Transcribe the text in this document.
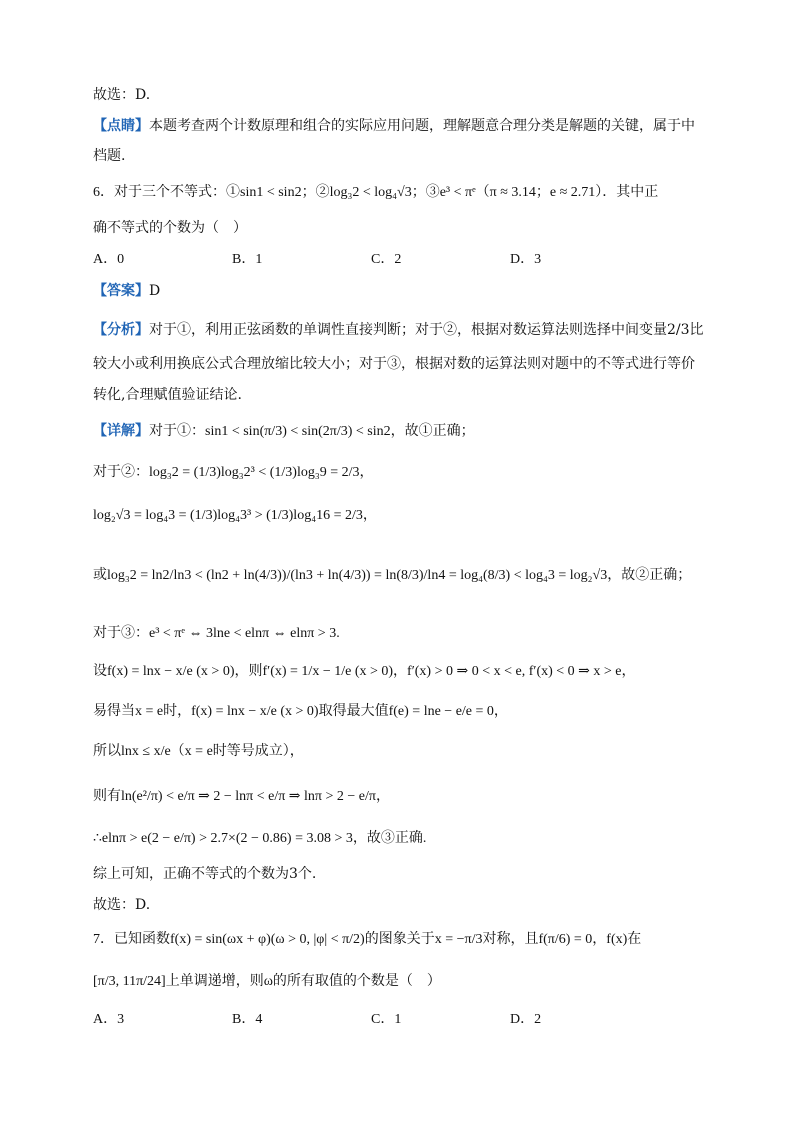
故选：D.
【点睛】本题考查两个计数原理和组合的实际应用问题，理解题意合理分类是解题的关键，属于中
档题.
6．对于三个不等式：①sin1 < sin2；②log₃2 < log₄√3；③e³ < πᵉ（π ≈ 3.14；e ≈ 2.71）．其中正
确不等式的个数为（　）
A．0	B．1	C．2	D．3
【答案】D
【分析】对于①，利用正弦函数的单调性直接判断；对于②，根据对数运算法则选择中间变量2/3比
较大小或利用换底公式合理放缩比较大小；对于③，根据对数的运算法则对题中的不等式进行等价
转化,合理赋值验证结论.
【详解】对于①：sin1 < sin(π/3) < sin(2π/3) < sin2，故①正确；
对于②：log₃2 = (1/3)log₃2³ < (1/3)log₃9 = 2/3，
log₂√3 = log₄3 = (1/3)log₄3³ > (1/3)log₄16 = 2/3，
或log₃2 = ln2/ln3 < (ln2 + ln(4/3))/(ln3 + ln(4/3)) = ln(8/3)/ln4 = log₄(8/3) < log₄3 = log₂√3，故②正确；
对于③：e³ < πᵉ ⇔ 3lne < elnπ ⇔ elnπ > 3.
设f(x) = lnx − x/e (x > 0)，则f′(x) = 1/x − 1/e (x > 0)，f′(x) > 0 ⇒ 0 < x < e, f′(x) < 0 ⇒ x > e，
易得当x = e时，f(x) = lnx − x/e (x > 0)取得最大值f(e) = lne − e/e = 0，
所以lnx ≤ x/e（x = e时等号成立），
则有ln(e²/π) < e/π ⇒ 2 − lnπ < e/π ⇒ lnπ > 2 − e/π，
∴elnπ > e(2 − e/π) > 2.7×(2 − 0.86) = 3.08 > 3，故③正确.
综上可知，正确不等式的个数为3个.
故选：D.
7．已知函数f(x) = sin(ωx + φ)(ω > 0, |φ| < π/2)的图象关于x = −π/3对称，且f(π/6) = 0，f(x)在
[π/3, 11π/24]上单调递增，则ω的所有取值的个数是（　）
A．3	B．4	C．1	D．2
